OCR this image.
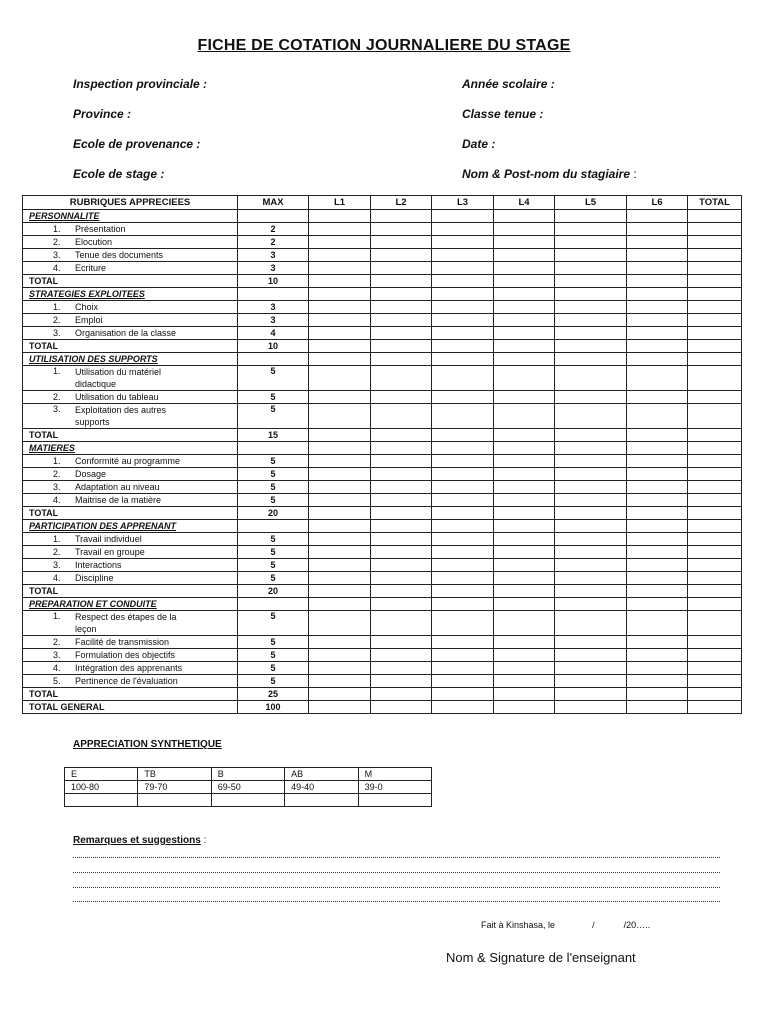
FICHE DE COTATION JOURNALIERE DU STAGE
Inspection provinciale :
Province :
Ecole de provenance :
Ecole de stage :
Année scolaire :
Classe tenue :
Date :
Nom & Post-nom du stagiaire :
RUBRIQUES APPRECIEES	MAX	L1	L2	L3	L4	L5	L6	TOTAL
PERSONNALITE								
1. Présentation	2							
2. Elocution	2							
3. Tenue des documents	3							
4. Ecriture	3							
TOTAL	10							
STRATEGIES EXPLOITEES								
1. Choix	3							
2. Emploi	3							
3. Organisation de la classe	4							
TOTAL	10							
UTILISATION DES SUPPORTS								
1. Utilisation du matériel didactique	5							
2. Utilisation du tableau	5							
3. Exploitation des autres supports	5							
TOTAL	15							
MATIERES								
1. Conformité au programme	5							
2. Dosage	5							
3. Adaptation au niveau	5							
4. Maitrise de la matière	5							
TOTAL	20							
PARTICIPATION DES APPRENANT								
1. Travail individuel	5							
2. Travail en groupe	5							
3. Interactions	5							
4. Discipline	5							
TOTAL	20							
PREPARATION ET CONDUITE								
1. Respect des étapes de la leçon	5							
2. Facilité de transmission	5							
3. Formulation des objectifs	5							
4. Intégration des apprenants	5							
5. Pertinence de l'évaluation	5							
TOTAL	25							
TOTAL GENERAL	100							
APPRECIATION SYNTHETIQUE
E	TB	B	AB	M
100-80	79-70	69-50	49-40	39-0

Remarques et suggestions :
Fait à Kinshasa, le	/	/20…..
Nom & Signature de l'enseignant
